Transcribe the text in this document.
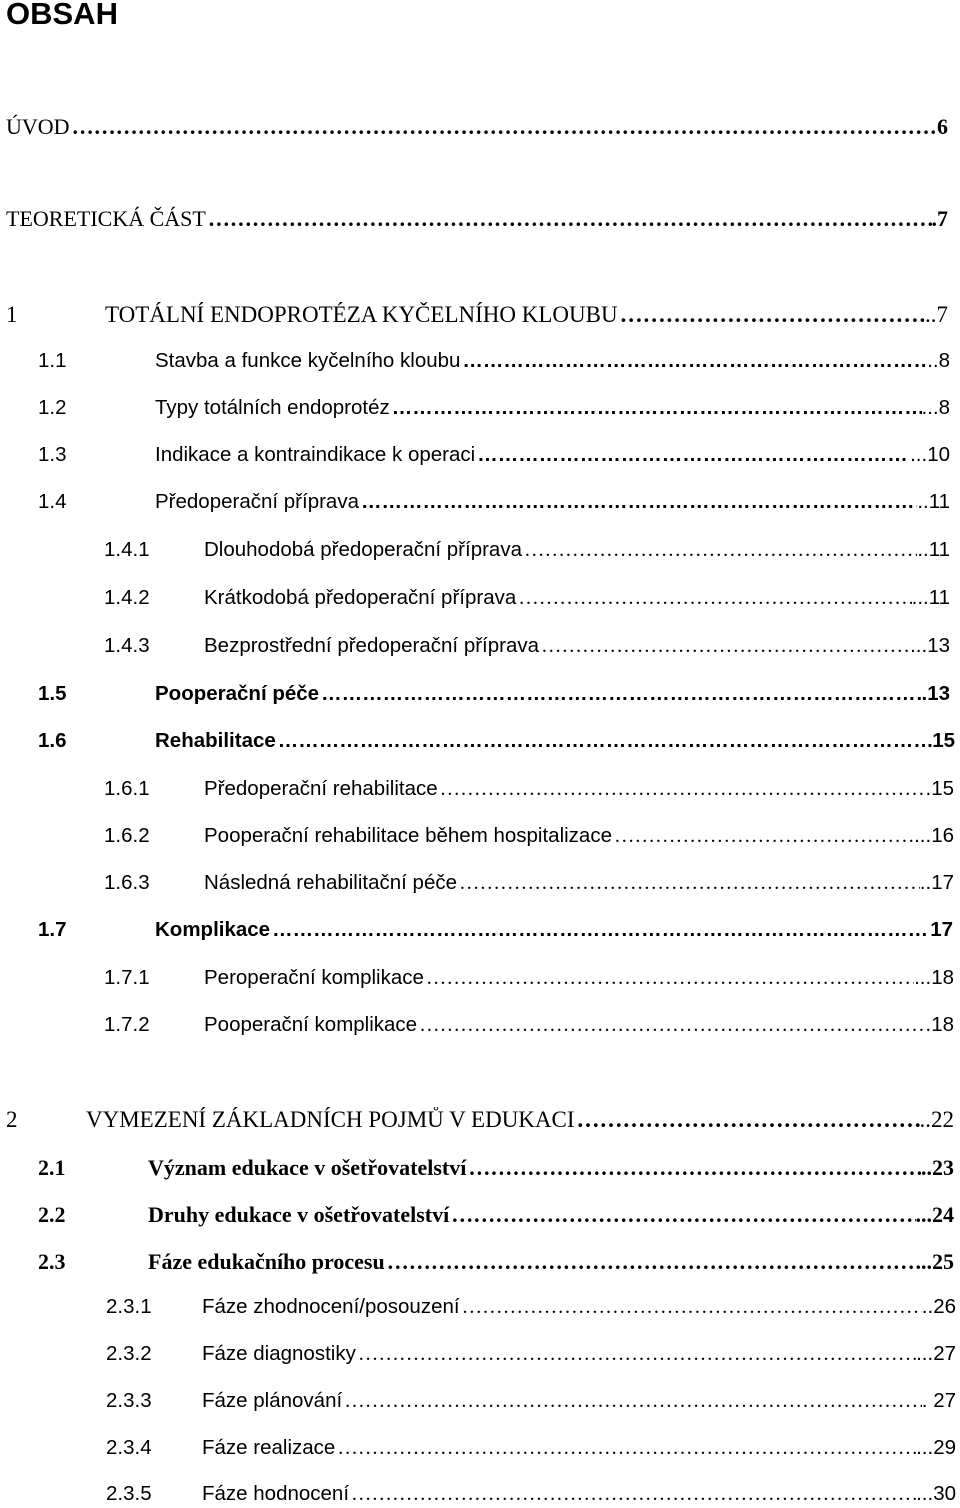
OBSAH
ÚVOD ………………………………………………………………………………………………………………………………………………………………………………………	6
TEORETICKÁ ČÁST ………………………………………………………………………………………………………………………………………………………………………………………	.7
1	TOTÁLNÍ ENDOPROTÉZA KYČELNÍHO KLOUBU ………………………………………………………………………………………………………………………………………………………………………………………	..7
1.1	Stavba a funkce kyčelního kloubu ………………………………………………………………………………………………………………………………………………………………………………………	..8
1.2	Typy totálních endoprotéz ………………………………………………………………………………………………………………………………………………………………………………………	...8
1.3	Indikace a kontraindikace k operaci ………………………………………………………………………………………………………………………………………………………………………………………	...10
1.4	Předoperační příprava ………………………………………………………………………………………………………………………………………………………………………………………	..11
1.4.1	Dlouhodobá předoperační příprava ………………………………………………………………………………………………………………………………………………………………………………………	..11
1.4.2	Krátkodobá předoperační příprava ………………………………………………………………………………………………………………………………………………………………………………………	...11
1.4.3	Bezprostřední předoperační příprava ………………………………………………………………………………………………………………………………………………………………………………………	...13
1.5	Pooperační péče ………………………………………………………………………………………………………………………………………………………………………………………	.13
1.6	Rehabilitace ………………………………………………………………………………………………………………………………………………………………………………………	15
1.6.1	Předoperační rehabilitace ………………………………………………………………………………………………………………………………………………………………………………………	.15
1.6.2	Pooperační rehabilitace během hospitalizace ………………………………………………………………………………………………………………………………………………………………………………………	...16
1.6.3	Následná rehabilitační péče ………………………………………………………………………………………………………………………………………………………………………………………	..17
1.7	Komplikace ………………………………………………………………………………………………………………………………………………………………………………………	17
1.7.1	Peroperační komplikace ………………………………………………………………………………………………………………………………………………………………………………………	...18
1.7.2	Pooperační komplikace ………………………………………………………………………………………………………………………………………………………………………………………	18
2	VYMEZENÍ ZÁKLADNÍCH POJMŮ V EDUKACI ………………………………………………………………………………………………………………………………………………………………………………………	..22
2.1	Význam edukace v ošetřovatelství ………………………………………………………………………………………………………………………………………………………………………………………	..23
2.2	Druhy edukace v ošetřovatelství ………………………………………………………………………………………………………………………………………………………………………………………	...24
2.3	Fáze edukačního procesu ………………………………………………………………………………………………………………………………………………………………………………………	...25
2.3.1	Fáze zhodnocení/posouzení ………………………………………………………………………………………………………………………………………………………………………………………	..26
2.3.2	Fáze diagnostiky ………………………………………………………………………………………………………………………………………………………………………………………	...27
2.3.3	Fáze plánování ………………………………………………………………………………………………………………………………………………………………………………………	. 27
2.3.4	Fáze realizace ………………………………………………………………………………………………………………………………………………………………………………………	...29
2.3.5	Fáze hodnocení ………………………………………………………………………………………………………………………………………………………………………………………	...30
